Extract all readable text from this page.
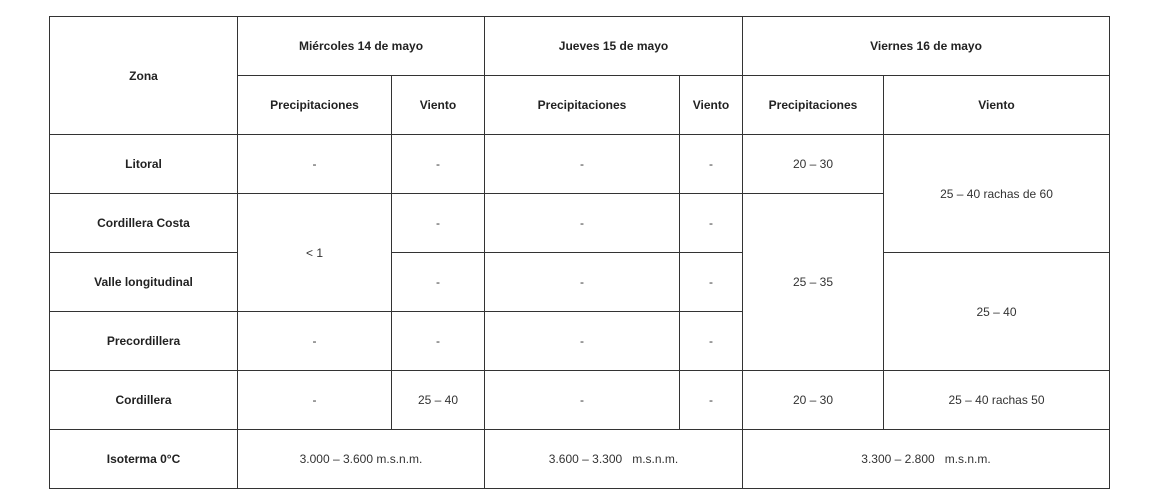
Zona	Miércoles 14 de mayo		Jueves 15 de mayo		Viernes 16 de mayo	
	Precipitaciones	Viento	Precipitaciones	Viento	Precipitaciones	Viento
Litoral	-	-	-	-	20 – 30	25 – 40 rachas de 60
Cordillera Costa	< 1	-	-	-	25 – 35	
Valle longitudinal		-	-	-		25 – 40
Precordillera	-	-	-	-		
Cordillera	-	25 – 40	-	-	20 – 30	25 – 40 rachas 50
Isoterma 0°C	3.000 – 3.600 m.s.n.m.		3.600 – 3.300   m.s.n.m.		3.300 – 2.800   m.s.n.m.	
